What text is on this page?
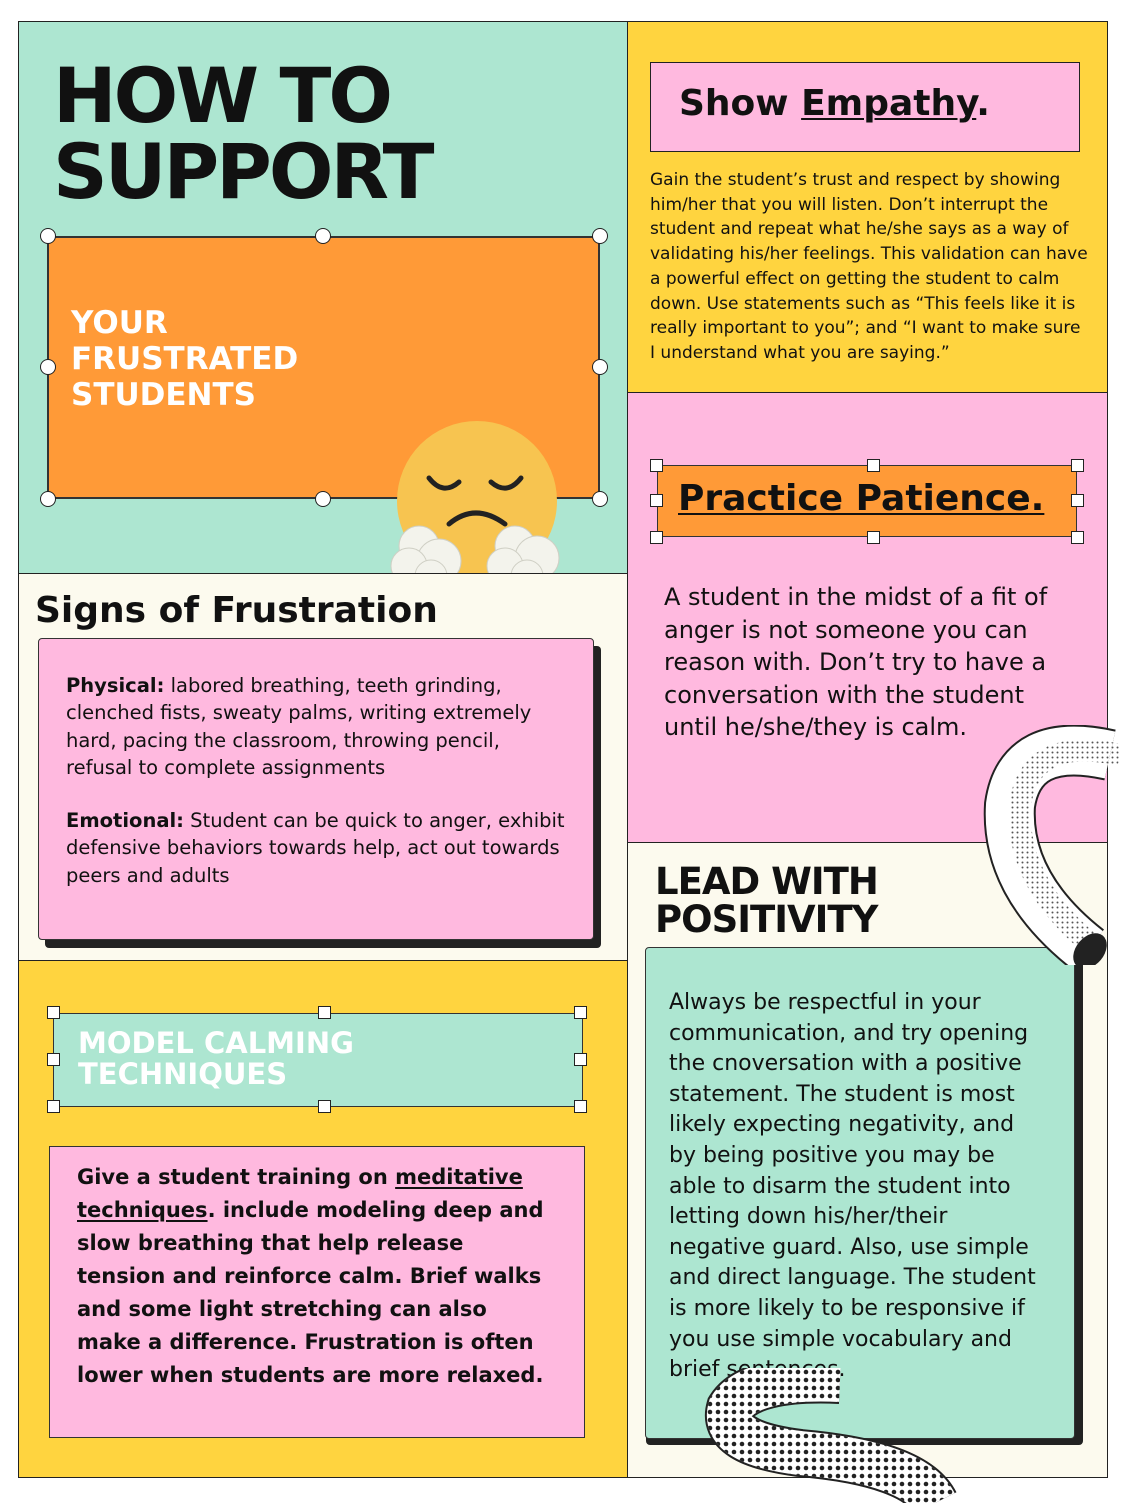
HOW TO
SUPPORT
YOUR
FRUSTRATED
STUDENTS
Show Empathy.
Gain the student’s trust and respect by showing him/her that you will listen. Don’t interrupt the student and repeat what he/she says as a way of validating his/her feelings. This validation can have a powerful effect on getting the student to calm down. Use statements such as “This feels like it is really important to you”; and “I want to make sure I understand what you are saying.”
Practice Patience.
A student in the midst of a fit of anger is not someone you can reason with. Don’t try to have a conversation with the student until he/she/they is calm.
Signs of Frustration
Physical: labored breathing, teeth grinding, clenched fists, sweaty palms, writing extremely hard, pacing the classroom, throwing pencil, refusal to complete assignments
Emotional: Student can be quick to anger, exhibit defensive behaviors towards help, act out towards peers and adults
MODEL CALMING
TECHNIQUES
Give a student training on meditative techniques. include modeling deep and slow breathing that help release tension and reinforce calm. Brief walks and some light stretching can also make a difference. Frustration is often lower when students are more relaxed.
LEAD WITH
POSITIVITY
Always be respectful in your communication, and try opening the cnoversation with a positive statement. The student is most likely expecting negativity, and by being positive you may be able to disarm the student into letting down his/her/their negative guard. Also, use simple and direct language. The student is more likely to be responsive if you use simple vocabulary and brief sentences.
